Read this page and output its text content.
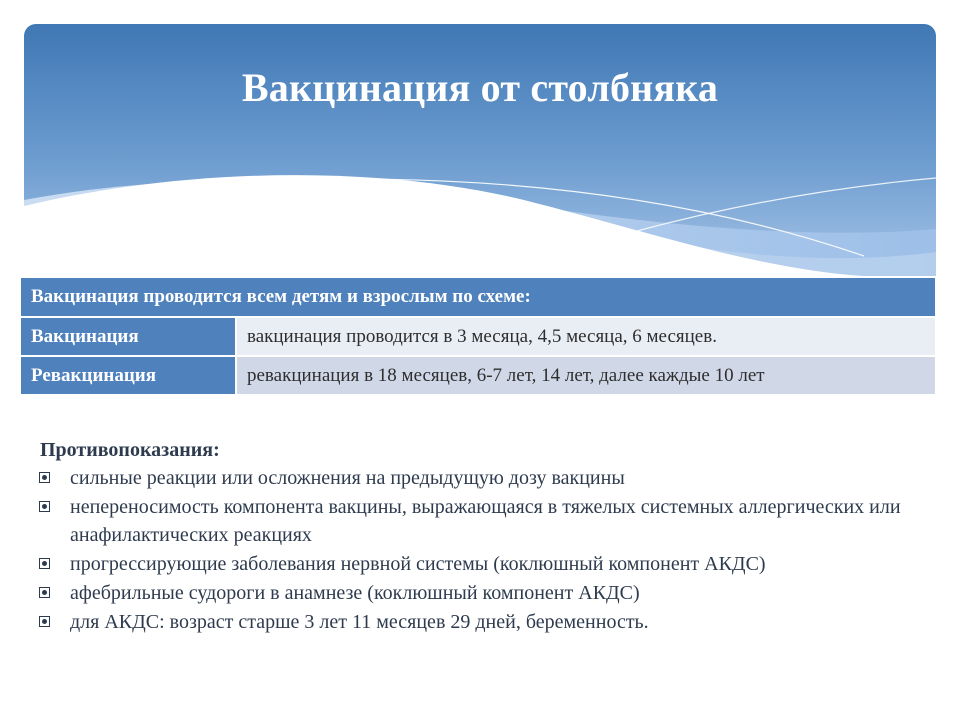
Вакцинация от столбняка
Вакцинация проводится всем детям и взрослым по схеме:	
Вакцинация	вакцинация проводится в 3 месяца, 4,5 месяца, 6 месяцев.
Ревакцинация	ревакцинация в 18 месяцев, 6-7 лет, 14 лет, далее каждые 10 лет

Противопоказания:

сильные реакции или осложнения на предыдущую дозу вакцины
непереносимость компонента вакцины, выражающаяся в тяжелых системных аллергических или анафилактических реакциях
прогрессирующие заболевания нервной системы (коклюшный компонент АКДС)
афебрильные судороги в анамнезе (коклюшный компонент АКДС)
для АКДС: возраст старше 3 лет 11 месяцев 29 дней, беременность.
